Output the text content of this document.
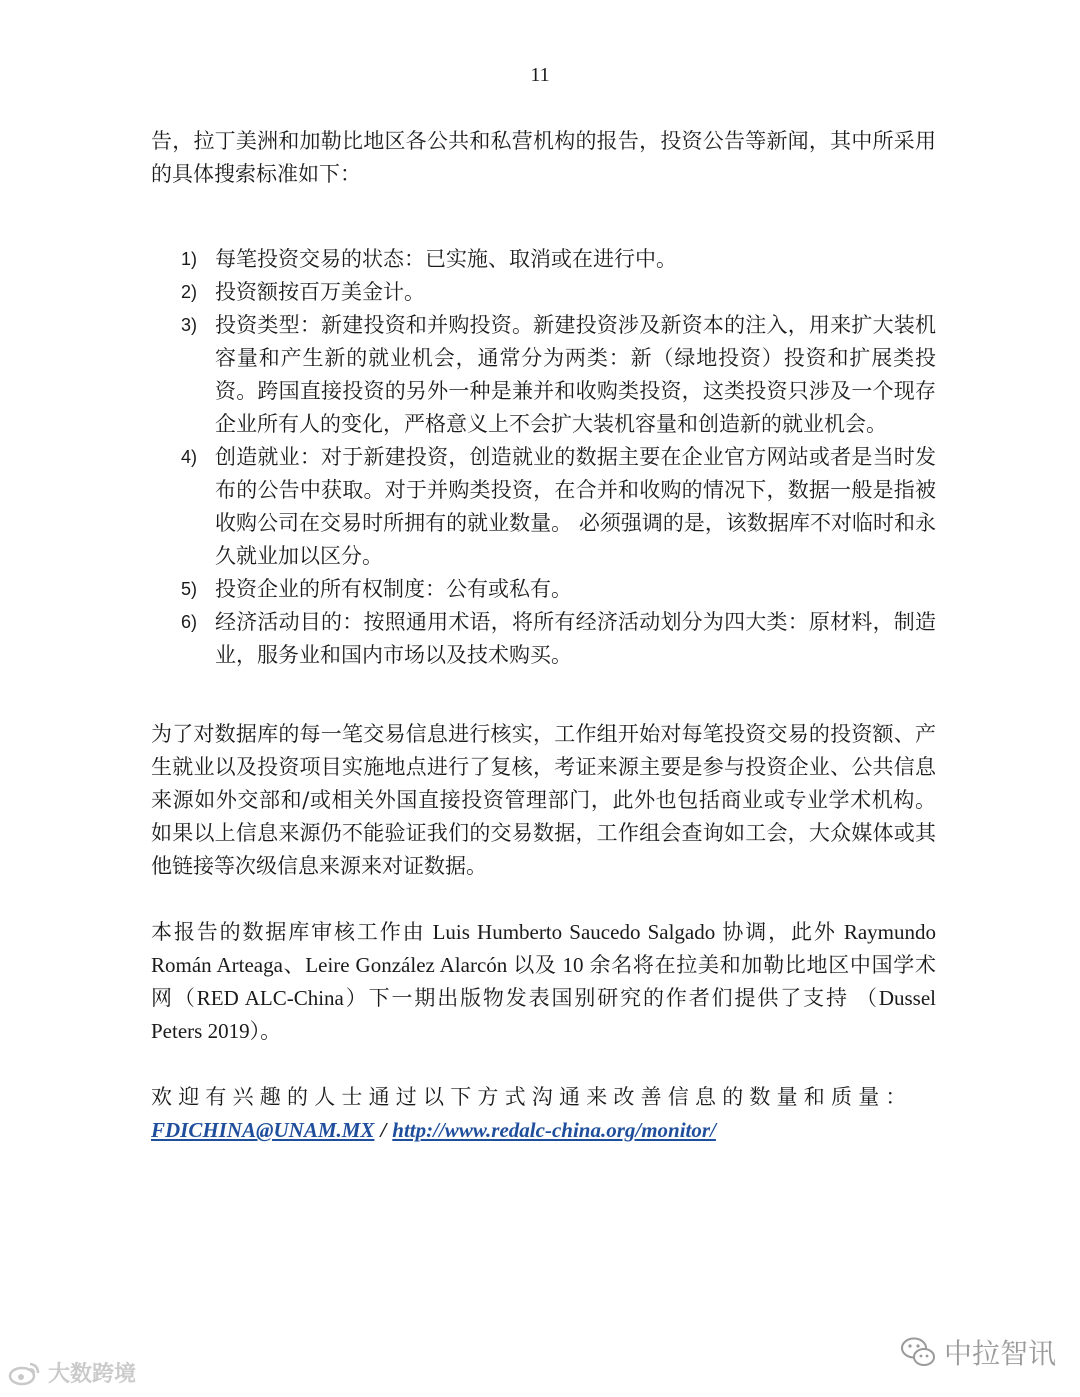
11

告，拉丁美洲和加勒比地区各公共和私营机构的报告，投资公告等新闻，其中所采用的具体搜索标准如下：

1) 每笔投资交易的状态：已实施、取消或在进行中。
2) 投资额按百万美金计。
3) 投资类型：新建投资和并购投资。新建投资涉及新资本的注入，用来扩大装机容量和产生新的就业机会，通常分为两类：新（绿地投资）投资和扩展类投资。跨国直接投资的另外一种是兼并和收购类投资，这类投资只涉及一个现存企业所有人的变化，严格意义上不会扩大装机容量和创造新的就业机会。
4) 创造就业：对于新建投资，创造就业的数据主要在企业官方网站或者是当时发布的公告中获取。对于并购类投资，在合并和收购的情况下，数据一般是指被收购公司在交易时所拥有的就业数量。 必须强调的是，该数据库不对临时和永久就业加以区分。
5) 投资企业的所有权制度：公有或私有。
6) 经济活动目的：按照通用术语，将所有经济活动划分为四大类：原材料，制造业，服务业和国内市场以及技术购买。

为了对数据库的每一笔交易信息进行核实，工作组开始对每笔投资交易的投资额、产生就业以及投资项目实施地点进行了复核，考证来源主要是参与投资企业、公共信息来源如外交部和/或相关外国直接投资管理部门，此外也包括商业或专业学术机构。 如果以上信息来源仍不能验证我们的交易数据，工作组会查询如工会，大众媒体或其他链接等次级信息来源来对证数据。

本报告的数据库审核工作由 Luis Humberto Saucedo Salgado 协调，此外 Raymundo Román Arteaga、Leire González Alarcón 以及 10 余名将在拉美和加勒比地区中国学术网（RED ALC-China）下一期出版物发表国别研究的作者们提供了支持 （Dussel Peters 2019）。

欢迎有兴趣的人士通过以下方式沟通来改善信息的数量和质量：

FDICHINA@UNAM.MX / http://www.redalc-china.org/monitor/
大数跨境
中拉智讯
